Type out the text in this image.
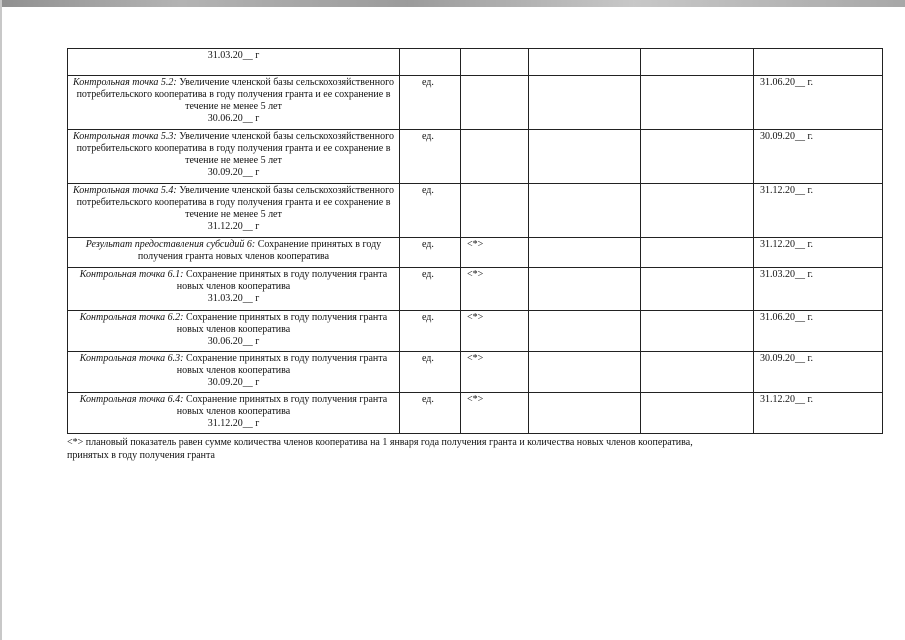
31.03.20__ г					

Контрольная точка 5.2: Увеличение членской базы сельскохозяйственного потребительского кооператива в году получения гранта и ее сохранение в течение не менее 5 лет
30.06.20__ г	ед.				31.06.20__ г.
Контрольная точка 5.3: Увеличение членской базы сельскохозяйственного потребительского кооператива в году получения гранта и ее сохранение в течение не менее 5 лет
30.09.20__ г	ед.				30.09.20__ г.
Контрольная точка 5.4: Увеличение членской базы сельскохозяйственного потребительского кооператива в году получения гранта и ее сохранение в течение не менее 5 лет
31.12.20__ г	ед.				31.12.20__ г.
Результат предоставления субсидий 6: Сохранение принятых в году получения гранта новых членов кооператива	ед.	<*>			31.12.20__ г.
Контрольная точка 6.1: Сохранение принятых в году получения гранта новых членов кооператива
31.03.20__ г	ед.	<*>			31.03.20__ г.
Контрольная точка 6.2: Сохранение принятых в году получения гранта новых членов кооператива
30.06.20__ г	ед.	<*>			31.06.20__ г.
Контрольная точка 6.3: Сохранение принятых в году получения гранта новых членов кооператива
30.09.20__ г	ед.	<*>			30.09.20__ г.
Контрольная точка 6.4: Сохранение принятых в году получения гранта новых членов кооператива
31.12.20__ г	ед.	<*>			31.12.20__ г.
<*> плановый показатель равен сумме количества членов кооператива на 1 января года получения гранта и количества новых членов кооператива,
принятых в году получения гранта
